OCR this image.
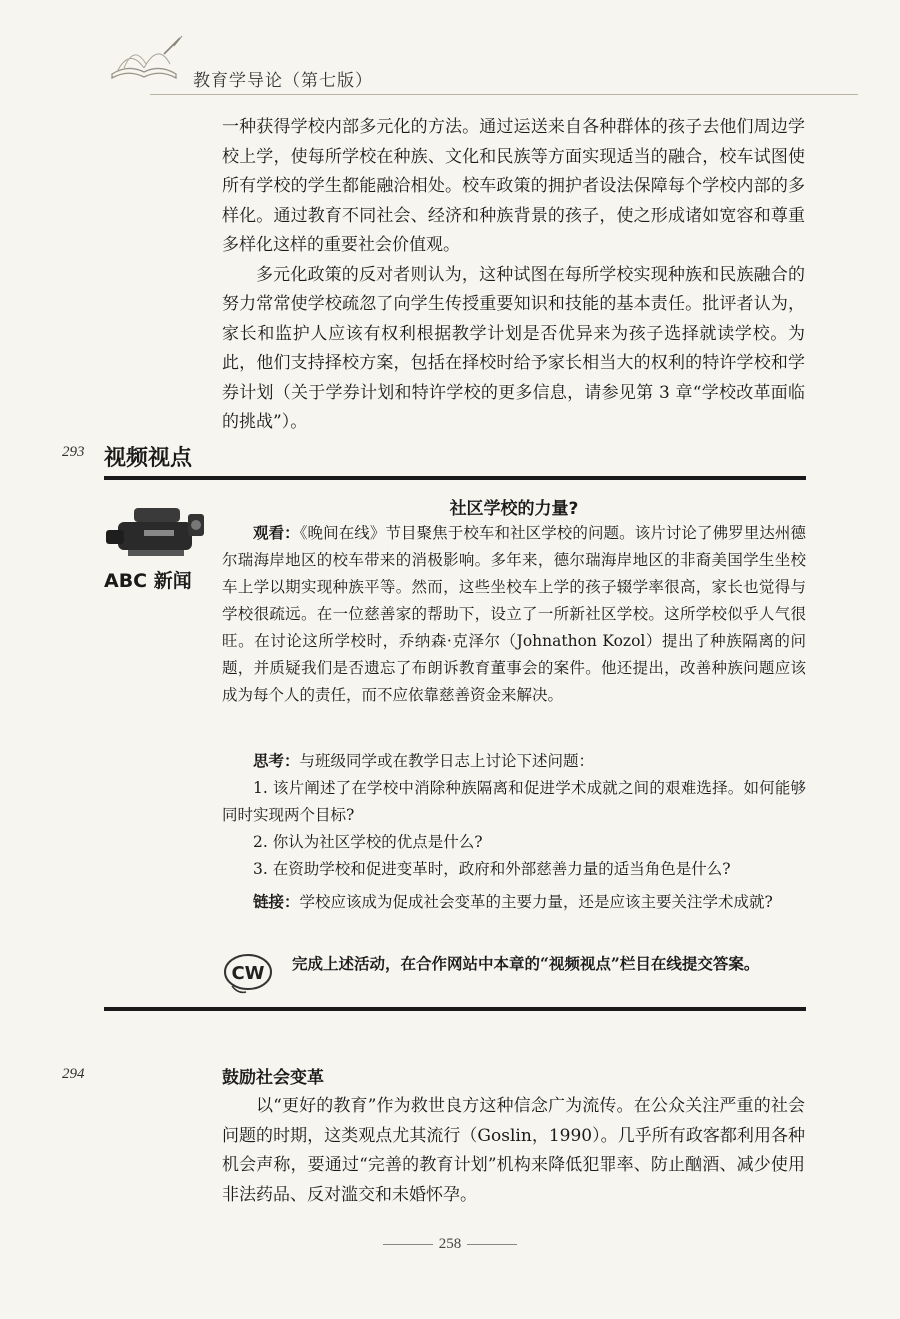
教育学导论（第七版）

一种获得学校内部多元化的方法。通过运送来自各种群体的孩子去他们周边学校上学，使每所学校在种族、文化和民族等方面实现适当的融合，校车试图使所有学校的学生都能融洽相处。校车政策的拥护者设法保障每个学校内部的多样化。通过教育不同社会、经济和种族背景的孩子，使之形成诸如宽容和尊重多样化这样的重要社会价值观。

多元化政策的反对者则认为，这种试图在每所学校实现种族和民族融合的努力常常使学校疏忽了向学生传授重要知识和技能的基本责任。批评者认为，家长和监护人应该有权利根据教学计划是否优异来为孩子选择就读学校。为此，他们支持择校方案，包括在择校时给予家长相当大的权利的特许学校和学券计划（关于学券计划和特许学校的更多信息，请参见第 3 章“学校改革面临的挑战”）。

293 视频视点
ABC 新闻
社区学校的力量?

观看：《晚间在线》节目聚焦于校车和社区学校的问题。该片讨论了佛罗里达州德尔瑞海岸地区的校车带来的消极影响。多年来，德尔瑞海岸地区的非裔美国学生坐校车上学以期实现种族平等。然而，这些坐校车上学的孩子辍学率很高，家长也觉得与学校很疏远。在一位慈善家的帮助下，设立了一所新社区学校。这所学校似乎人气很旺。在讨论这所学校时，乔纳森·克泽尔（Johnathon Kozol）提出了种族隔离的问题，并质疑我们是否遗忘了布朗诉教育董事会的案件。他还提出，改善种族问题应该成为每个人的责任，而不应依靠慈善资金来解决。

思考：与班级同学或在教学日志上讨论下述问题：

1. 该片阐述了在学校中消除种族隔离和促进学术成就之间的艰难选择。如何能够同时实现两个目标?

2. 你认为社区学校的优点是什么?

3. 在资助学校和促进变革时，政府和外部慈善力量的适当角色是什么?

链接：学校应该成为促成社会变革的主要力量，还是应该主要关注学术成就?

CW 完成上述活动，在合作网站中本章的“视频视点”栏目在线提交答案。
294	鼓励社会变革

以“更好的教育”作为救世良方这种信念广为流传。在公众关注严重的社会问题的时期，这类观点尤其流行（Goslin，1990）。几乎所有政客都利用各种机会声称，要通过“完善的教育计划”机构来降低犯罪率、防止酗酒、减少使用非法药品、反对滥交和未婚怀孕。

258
